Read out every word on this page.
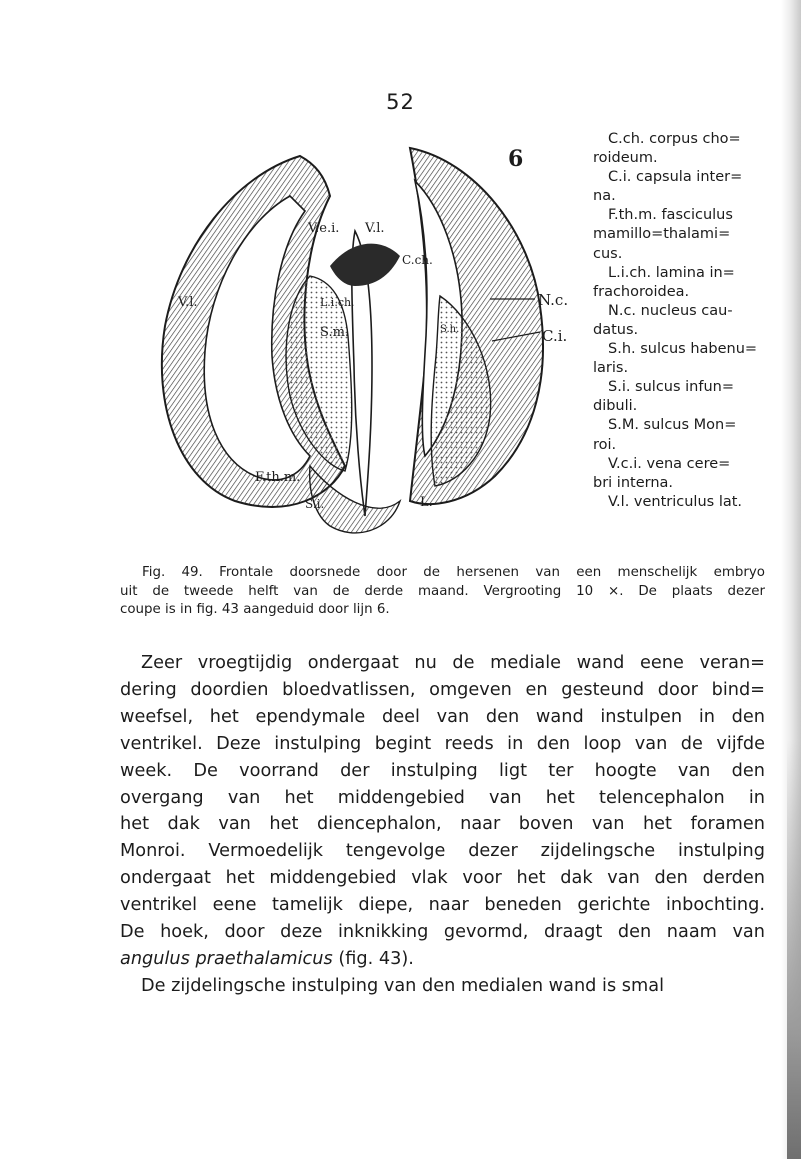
52
6
V.e.i. V.l.
V.l.
C.ch.
L.i.ch.
S.m.	S.h.
N.c.
C.i.
F.th.m.
S.i.	L.

C.ch. corpus cho=
roideum.

C.i. capsula inter=
na.

F.th.m. fasciculus
mamillo=thalami=
cus.

L.i.ch. lamina in=
frachoroidea.

N.c. nucleus cau-
datus.

S.h. sulcus habenu=
laris.

S.i. sulcus infun=
dibuli.

S.M. sulcus Mon=
roi.

V.c.i. vena cere=
bri interna.

V.l. ventriculus lat.

Fig. 49. Frontale doorsnede door de hersenen van een menschelijk embryo
uit de tweede helft van de derde maand. Vergrooting 10 ×. De plaats dezer
coupe is in fig. 43 aangeduid door lijn 6.
Zeer vroegtijdig ondergaat nu de mediale wand eene veran=
dering doordien bloedvatlissen, omgeven en gesteund door bind=
weefsel, het ependymale deel van den wand instulpen in den
ventrikel. Deze instulping begint reeds in den loop van de vijfde
week. De voorrand der instulping ligt ter hoogte van den
overgang van het middengebied van het telencephalon in
het dak van het diencephalon, naar boven van het foramen
Monroi. Vermoedelijk tengevolge dezer zijdelingsche instulping
ondergaat het middengebied vlak voor het dak van den derden
ventrikel eene tamelijk diepe, naar beneden gerichte inbochting.
De hoek, door deze inknikking gevormd, draagt den naam van
angulus praethalamicus (fig. 43).
De zijdelingsche instulping van den medialen wand is smal
